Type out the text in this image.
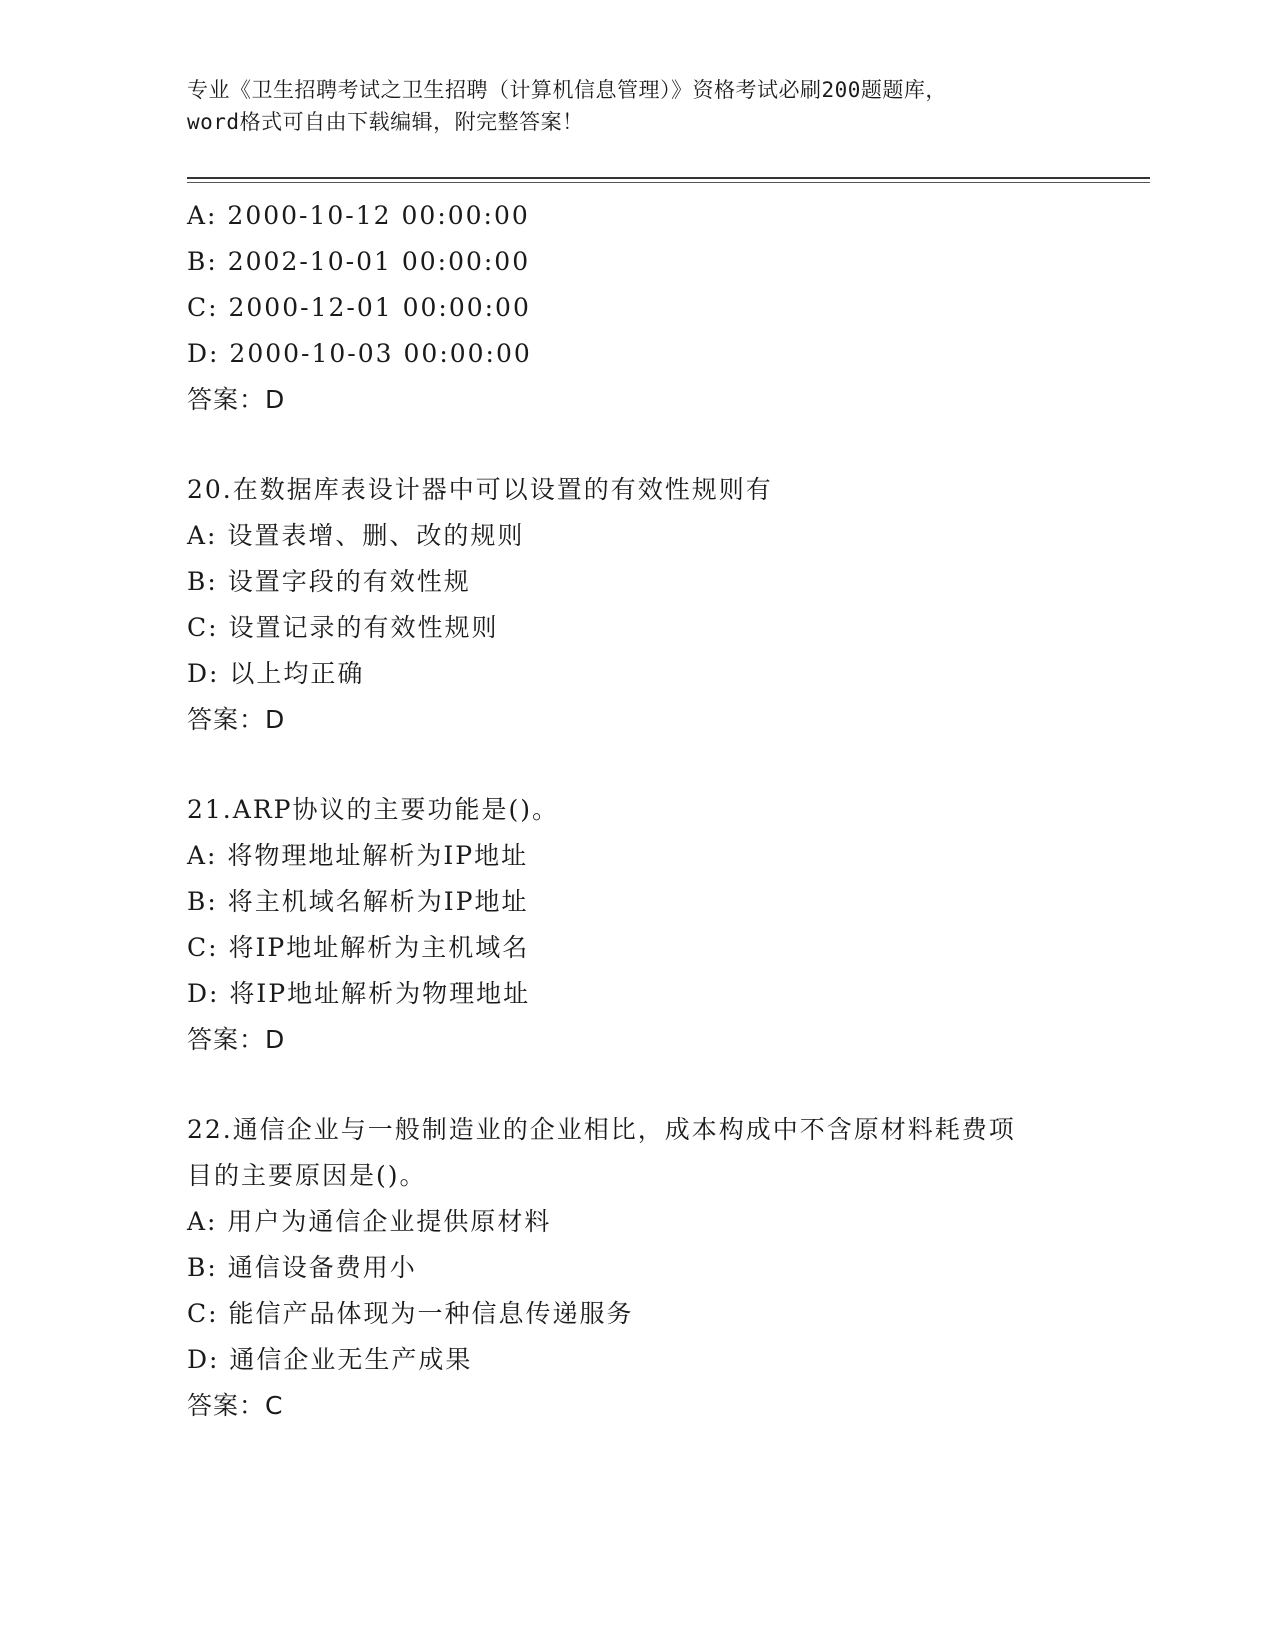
专业《卫生招聘考试之卫生招聘（计算机信息管理）》资格考试必刷200题题库，
word格式可自由下载编辑，附完整答案！
A: 2000-10-12 00:00:00
B: 2002-10-01 00:00:00
C: 2000-12-01 00:00:00
D: 2000-10-03 00:00:00
答案：D
20.在数据库表设计器中可以设置的有效性规则有
A: 设置表增、删、改的规则
B: 设置字段的有效性规
C: 设置记录的有效性规则
D: 以上均正确
答案：D
21.ARP协议的主要功能是()。
A: 将物理地址解析为IP地址
B: 将主机域名解析为IP地址
C: 将IP地址解析为主机域名
D: 将IP地址解析为物理地址
答案：D
22.通信企业与一般制造业的企业相比，成本构成中不含原材料耗费项
目的主要原因是()。
A: 用户为通信企业提供原材料
B: 通信设备费用小
C: 能信产品体现为一种信息传递服务
D: 通信企业无生产成果
答案：C
